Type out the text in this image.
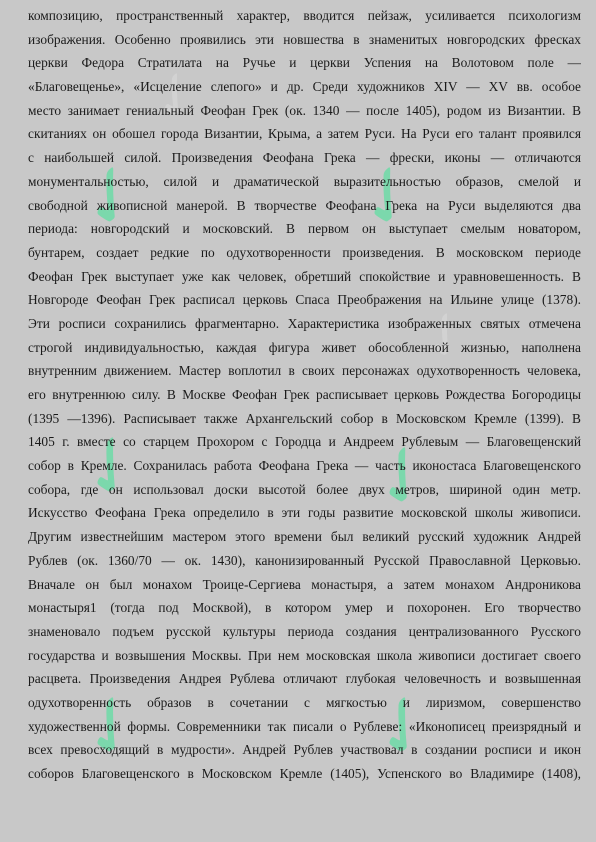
✓
✓
✓ ✓
✓ ✓
✓ ✓
композицию, пространственный характер, вводится пейзаж, усиливается психологизм
изображения. Особенно проявились эти новшества в знаменитых новгородских фресках
церкви Федора Стратилата на Ручье и церкви Успения на Волотовом поле —
«Благовещенье», «Исцеление слепого» и др. Среди художников XIV — XV вв. особое
место занимает гениальный Феофан Грек (ок. 1340 — после 1405), родом из Византии. В
скитаниях он обошел города Византии, Крыма, а затем Руси. На Руси его талант проявился
с наибольшей силой. Произведения Феофана Грека — фрески, иконы — отличаются
монументальностью, силой и драматической выразительностью образов, смелой и
свободной живописной манерой. В творчестве Феофана Грека на Руси выделяются два
периода: новгородский и московский. В первом он выступает смелым новатором,
бунтарем, создает редкие по одухотворенности произведения. В московском периоде
Феофан Грек выступает уже как человек, обретший спокойствие и уравновешенность. В
Новгороде Феофан Грек расписал церковь Спаса Преображения на Ильине улице (1378).
Эти росписи сохранились фрагментарно. Характеристика изображенных святых отмечена
строгой индивидуальностью, каждая фигура живет обособленной жизнью, наполнена
внутренним движением. Мастер воплотил в своих персонажах одухотворенность человека,
его внутреннюю силу. В Москве Феофан Грек расписывает церковь Рождества Богородицы
(1395 —1396). Расписывает также Архангельский собор в Московском Кремле (1399). В
1405 г. вместе со старцем Прохором с Городца и Андреем Рублевым — Благовещенский
собор в Кремле. Сохранилась работа Феофана Грека — часть иконостаса Благовещенского
собора, где он использовал доски высотой более двух метров, шириной один метр.
Искусство Феофана Грека определило в эти годы развитие московской школы живописи.
Другим известнейшим мастером этого времени был великий русский художник Андрей
Рублев (ок. 1360/70 — ок. 1430), канонизированный Русской Православной Церковью.
Вначале он был монахом Троице-Сергиева монастыря, а затем монахом Андроникова
монастыря1 (тогда под Москвой), в котором умер и похоронен. Его творчество
знаменовало подъем русской культуры периода создания централизованного Русского
государства и возвышения Москвы. При нем московская школа живописи достигает своего
расцвета. Произведения Андрея Рублева отличают глубокая человечность и возвышенная
одухотворенность образов в сочетании с мягкостью и лиризмом, совершенство
художественной формы. Современники так писали о Рублеве: «Иконописец преизрядный и
всех превосходящий в мудрости». Андрей Рублев участвовал в создании росписи и икон
соборов Благовещенского в Московском Кремле (1405), Успенского во Владимире (1408),
